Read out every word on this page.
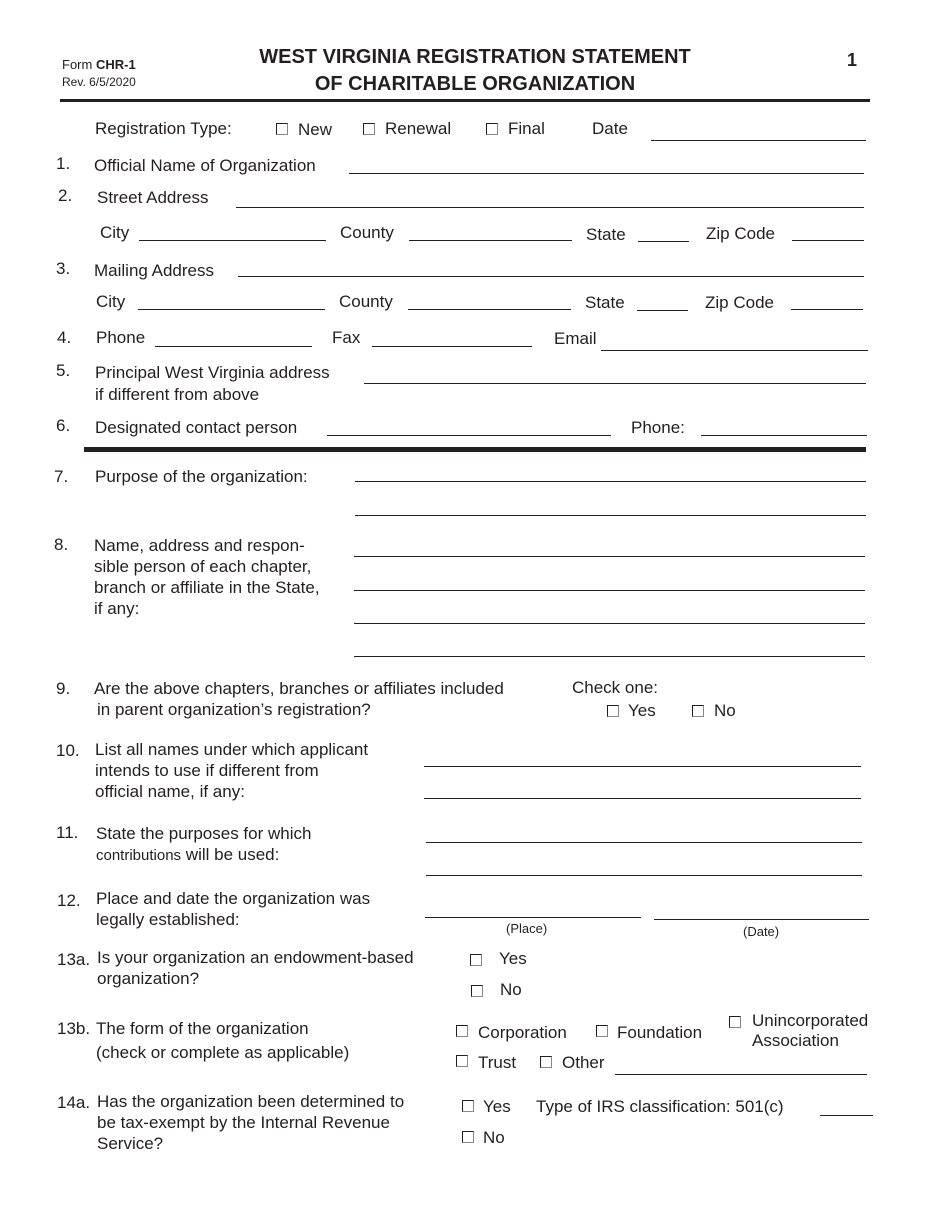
Form CHR-1
Rev. 6/5/2020
WEST VIRGINIA REGISTRATION STATEMENT
OF CHARITABLE ORGANIZATION
1
Registration Type:	New	Renewal	Final	Date
1. Official Name of Organization
2. Street Address
City	County	State	Zip Code
3. Mailing Address
City	County	State	Zip Code
4. Phone	Fax	Email
5. Principal West Virginia address
if different from above
6. Designated contact person	Phone:
7. Purpose of the organization:
8. Name, address and respon-
sible person of each chapter,
branch or affiliate in the State,
if any:
9. Are the above chapters, branches or affiliates included
in parent organization’s registration?
Check one:
Yes	No
10. List all names under which applicant
intends to use if different from
official name, if any:
11. State the purposes for which
contributions will be used:
12. Place and date the organization was
legally established:	(Place)	(Date)
13a. Is your organization an endowment-based
organization?
Yes
No
13b. The form of the organization
(check or complete as applicable)
Corporation	Foundation
Unincorporated
Association
Trust	Other
14a. Has the organization been determined to
be tax-exempt by the Internal Revenue
Service?
Yes Type of IRS classification: 501(c)
No
